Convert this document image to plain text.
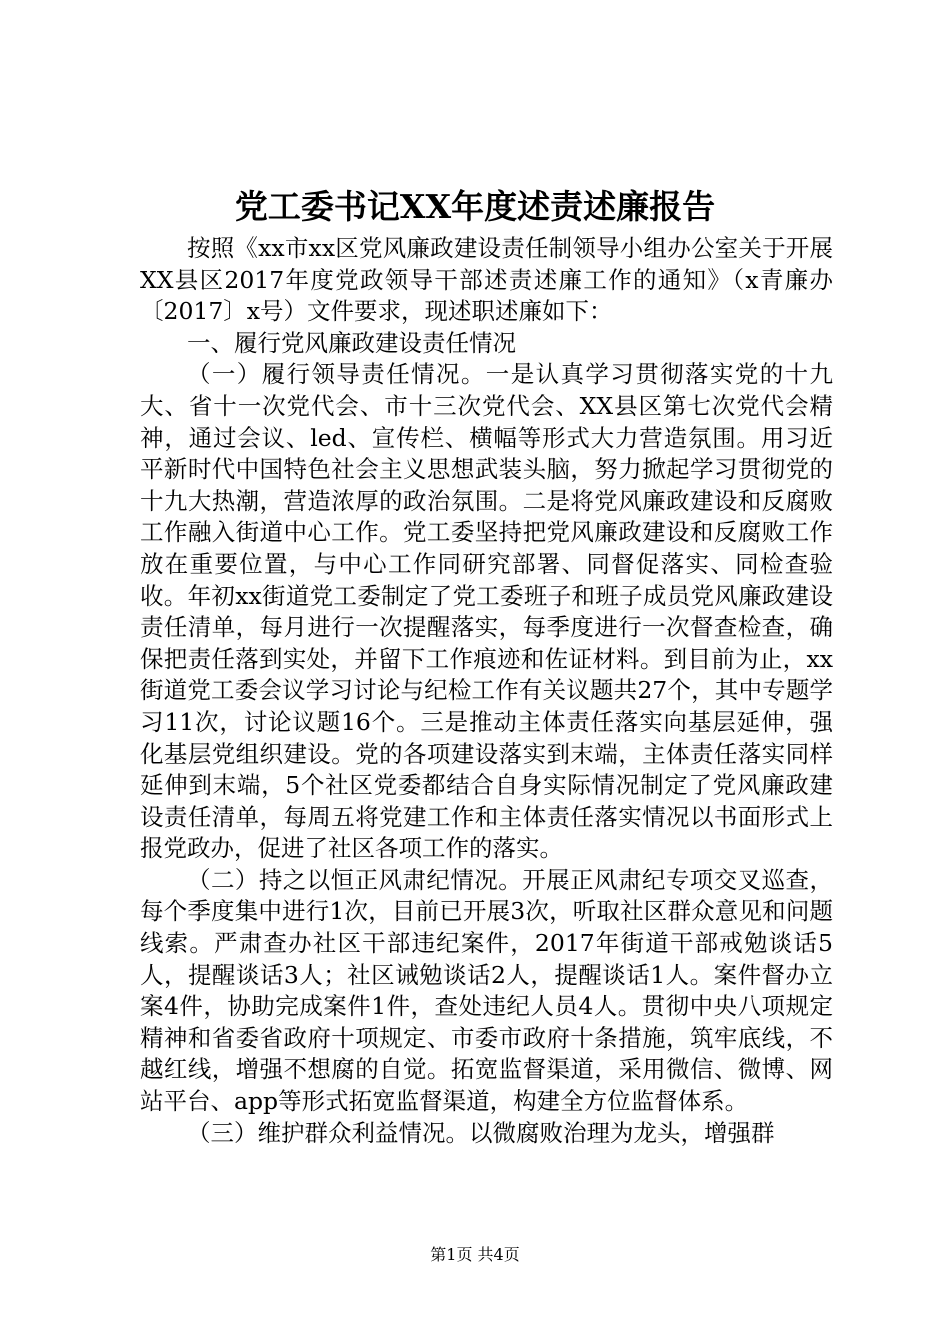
党工委书记XX年度述责述廉报告

按照《xx市xx区党风廉政建设责任制领导小组办公室关于开展XX县区2017年度党政领导干部述责述廉工作的通知》（x青廉办〔2017〕x号）文件要求，现述职述廉如下：

一、履行党风廉政建设责任情况

（一）履行领导责任情况。一是认真学习贯彻落实党的十九大、省十一次党代会、市十三次党代会、XX县区第七次党代会精神，通过会议、led、宣传栏、横幅等形式大力营造氛围。用习近平新时代中国特色社会主义思想武装头脑，努力掀起学习贯彻党的十九大热潮，营造浓厚的政治氛围。二是将党风廉政建设和反腐败工作融入街道中心工作。党工委坚持把党风廉政建设和反腐败工作放在重要位置，与中心工作同研究部署、同督促落实、同检查验收。年初xx街道党工委制定了党工委班子和班子成员党风廉政建设责任清单，每月进行一次提醒落实，每季度进行一次督查检查，确保把责任落到实处，并留下工作痕迹和佐证材料。到目前为止，xx街道党工委会议学习讨论与纪检工作有关议题共27个，其中专题学习11次，讨论议题16个。三是推动主体责任落实向基层延伸，强化基层党组织建设。党的各项建设落实到末端，主体责任落实同样延伸到末端，5个社区党委都结合自身实际情况制定了党风廉政建设责任清单，每周五将党建工作和主体责任落实情况以书面形式上报党政办，促进了社区各项工作的落实。

（二）持之以恒正风肃纪情况。开展正风肃纪专项交叉巡查，每个季度集中进行1次，目前已开展3次，听取社区群众意见和问题线索。严肃查办社区干部违纪案件，2017年街道干部戒勉谈话5人，提醒谈话3人；社区诫勉谈话2人，提醒谈话1人。案件督办立案4件，协助完成案件1件，查处违纪人员4人。贯彻中央八项规定精神和省委省政府十项规定、市委市政府十条措施，筑牢底线，不越红线，增强不想腐的自觉。拓宽监督渠道，采用微信、微博、网站平台、app等形式拓宽监督渠道，构建全方位监督体系。

（三）维护群众利益情况。以微腐败治理为龙头，增强群

第1页 共4页
